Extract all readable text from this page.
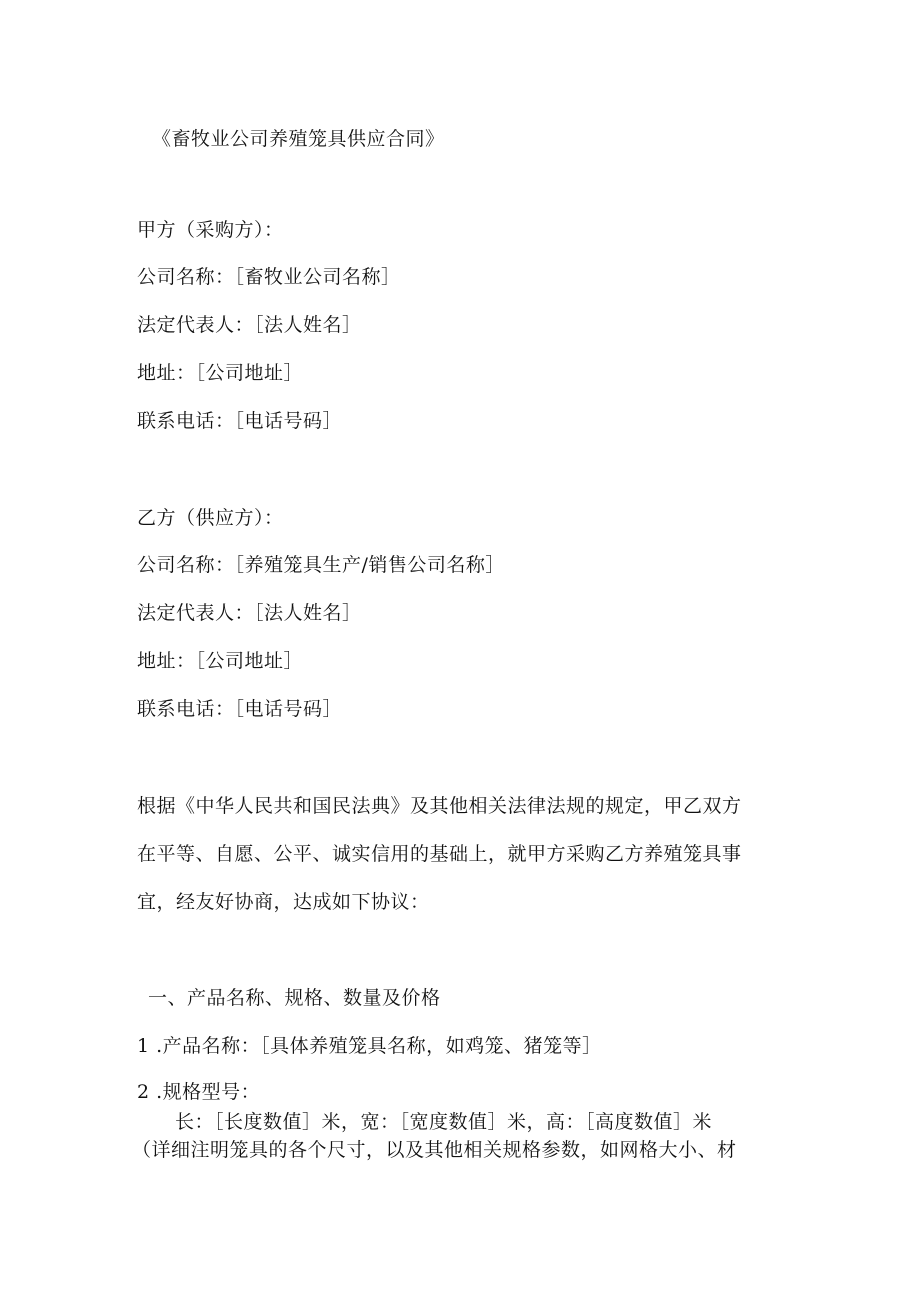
《畜牧业公司养殖笼具供应合同》
甲方（采购方）：
公司名称：［畜牧业公司名称］
法定代表人：［法人姓名］
地址：［公司地址］
联系电话：［电话号码］
乙方（供应方）：
公司名称：［养殖笼具生产/销售公司名称］
法定代表人：［法人姓名］
地址：［公司地址］
联系电话：［电话号码］
根据《中华人民共和国民法典》及其他相关法律法规的规定，甲乙双方
在平等、自愿、公平、诚实信用的基础上，就甲方采购乙方养殖笼具事
宜，经友好协商，达成如下协议：
一、产品名称、规格、数量及价格
1 .产品名称：［具体养殖笼具名称，如鸡笼、猪笼等］
2 .规格型号：
长：［长度数值］米，宽：［宽度数值］米，高：［高度数值］米
（详细注明笼具的各个尺寸，以及其他相关规格参数，如网格大小、材
